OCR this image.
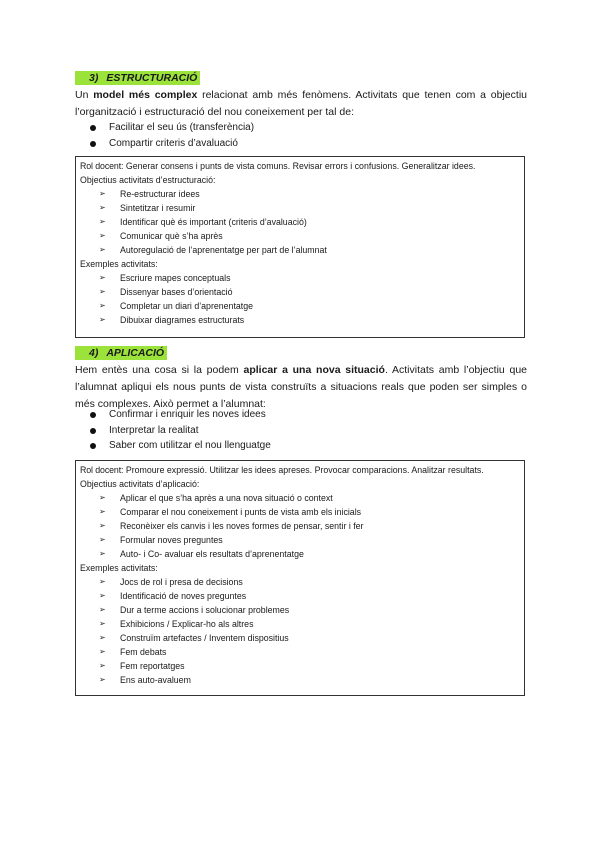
3) ESTRUCTURACIÓ
Un model més complex relacionat amb més fenòmens. Activitats que tenen com a objectiu l’organització i estructuració del nou coneixement per tal de:
Facilitar el seu ús (transferència)
Compartir criteris d’avaluació
Rol docent: Generar consens i punts de vista comuns. Revisar errors i confusions. Generalitzar idees.
Objectius activitats d’estructuració:
➢ Re-estructurar idees
➢ Sintetitzar i resumir
➢ Identificar què és important (criteris d’avaluació)
➢ Comunicar què s’ha après
➢ Autoregulació de l’aprenentatge per part de l’alumnat
Exemples activitats:
➢ Escriure mapes conceptuals
➢ Dissenyar bases d’orientació
➢ Completar un diari d’aprenentatge
➢ Dibuixar diagrames estructurats
4) APLICACIÓ
Hem entès una cosa si la podem aplicar a una nova situació. Activitats amb l’objectiu que l’alumnat apliqui els nous punts de vista construïts a situacions reals que poden ser simples o més complexes. Això permet a l’alumnat:
Confirmar i enriquir les noves idees
Interpretar la realitat
Saber com utilitzar el nou llenguatge
Rol docent: Promoure expressió. Utilitzar les idees apreses. Provocar comparacions. Analitzar resultats.
Objectius activitats d’aplicació:
➢ Aplicar el que s’ha après a una nova situació o context
➢ Comparar el nou coneixement i punts de vista amb els inicials
➢ Reconèixer els canvis i les noves formes de pensar, sentir i fer
➢ Formular noves preguntes
➢ Auto- i Co- avaluar els resultats d’aprenentatge
Exemples activitats:
➢ Jocs de rol i presa de decisions
➢ Identificació de noves preguntes
➢ Dur a terme accions i solucionar problemes
➢ Exhibicions / Explicar-ho als altres
➢ Construïm artefactes / Inventem dispositius
➢ Fem debats
➢ Fem reportatges
➢ Ens auto-avaluem
